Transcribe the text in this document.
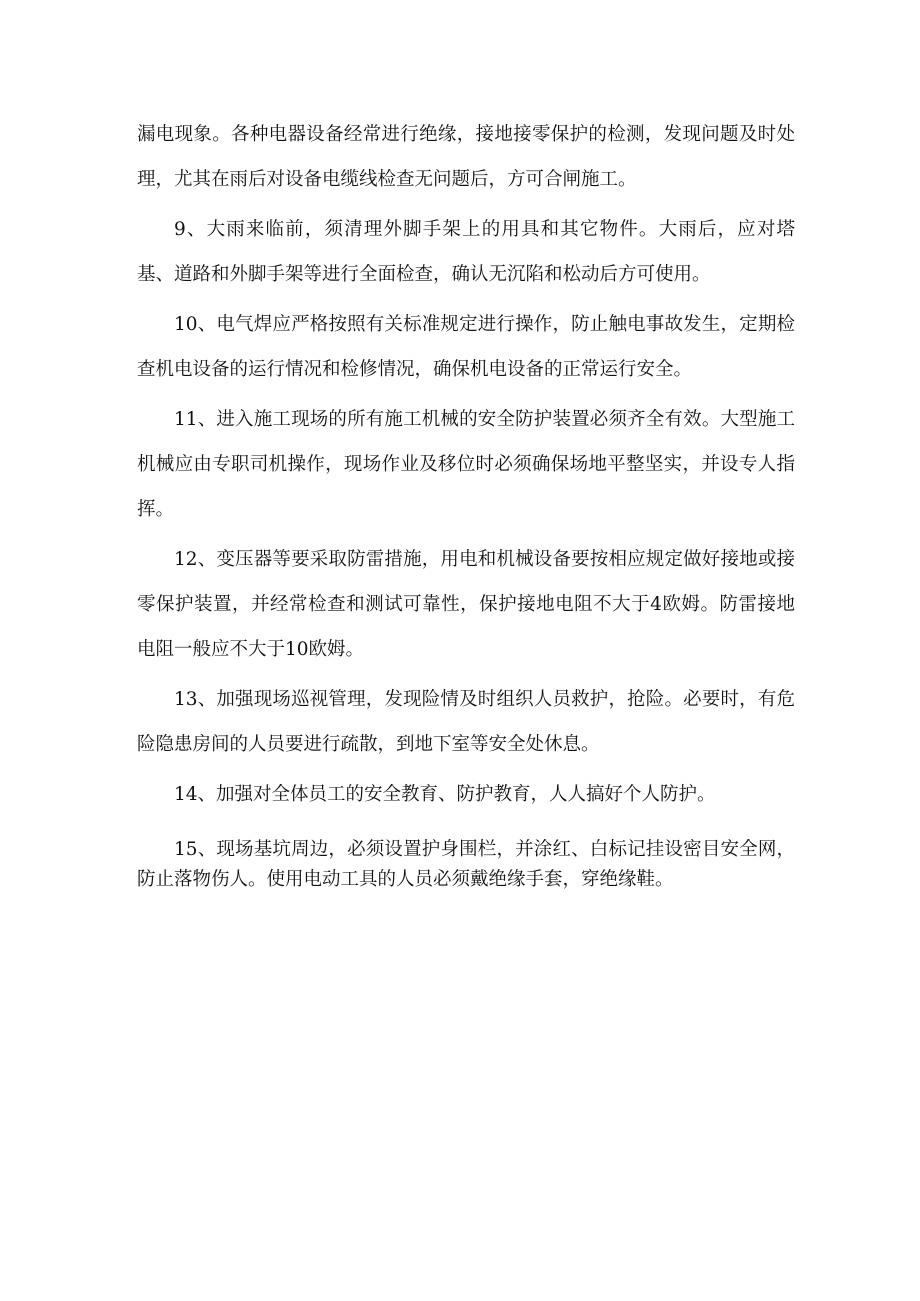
漏电现象。各种电器设备经常进行绝缘，接地接零保护的检测，发现问题及时处理，尤其在雨后对设备电缆线检查无问题后，方可合闸施工。

9、大雨来临前，须清理外脚手架上的用具和其它物件。大雨后，应对塔基、道路和外脚手架等进行全面检查，确认无沉陷和松动后方可使用。

10、电气焊应严格按照有关标准规定进行操作，防止触电事故发生，定期检查机电设备的运行情况和检修情况，确保机电设备的正常运行安全。

11、进入施工现场的所有施工机械的安全防护装置必须齐全有效。大型施工机械应由专职司机操作，现场作业及移位时必须确保场地平整坚实，并设专人指挥。

12、变压器等要采取防雷措施，用电和机械设备要按相应规定做好接地或接零保护装置，并经常检查和测试可靠性，保护接地电阻不大于4欧姆。防雷接地电阻一般应不大于10欧姆。

13、加强现场巡视管理，发现险情及时组织人员救护，抢险。必要时，有危险隐患房间的人员要进行疏散，到地下室等安全处休息。

14、加强对全体员工的安全教育、防护教育，人人搞好个人防护。

15、现场基坑周边，必须设置护身围栏，并涂红、白标记挂设密目安全网，防止落物伤人。使用电动工具的人员必须戴绝缘手套，穿绝缘鞋。
